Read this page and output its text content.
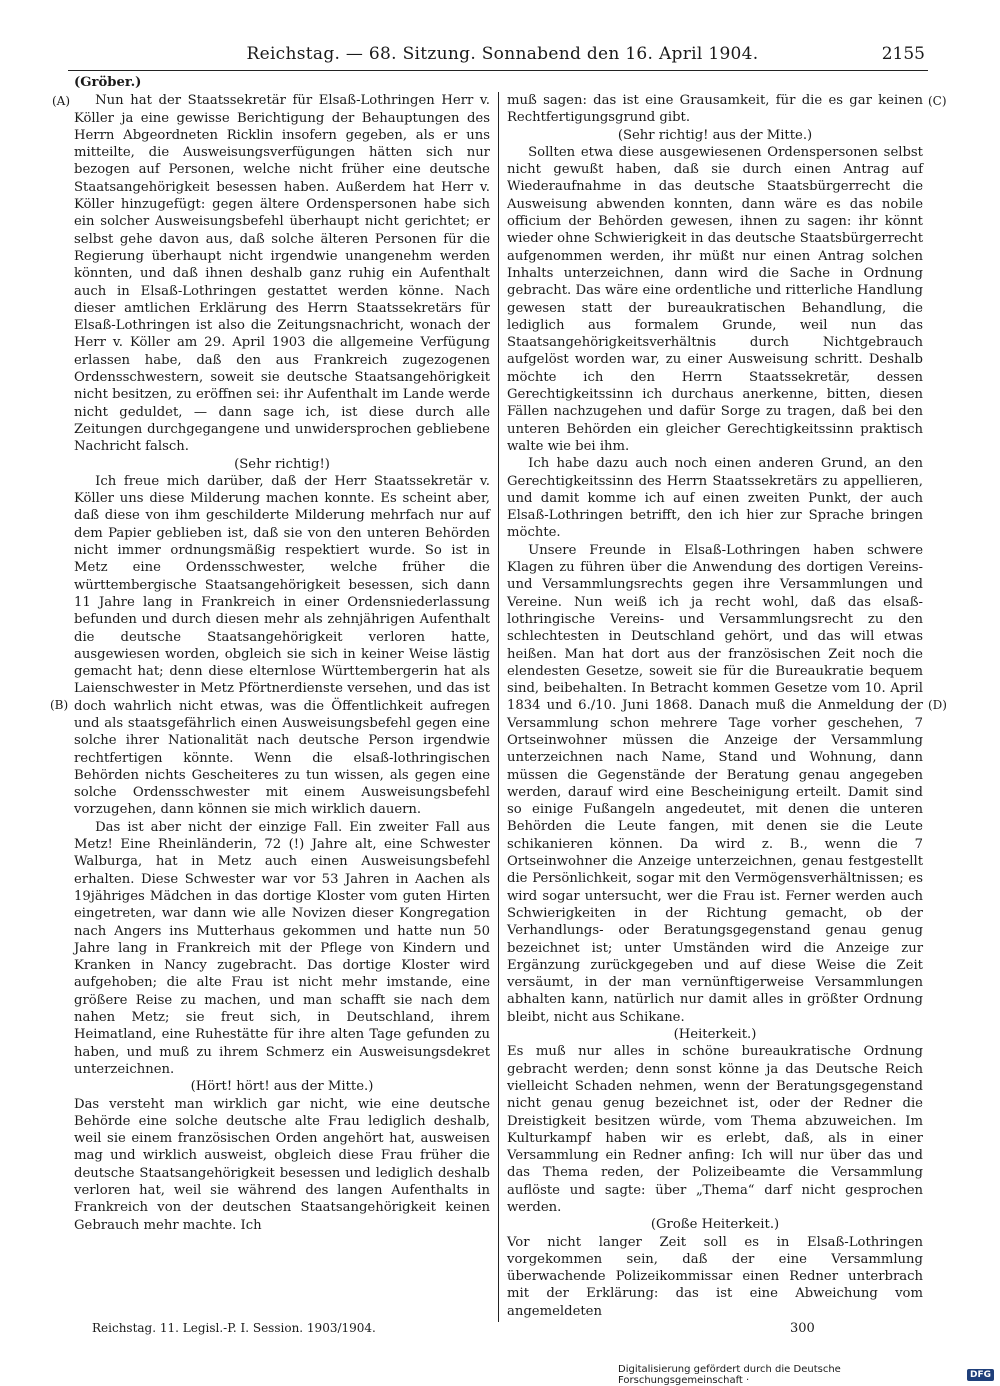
Reichstag. — 68. Sitzung. Sonnabend den 16. April 1904.	2155
(A)
(B)
(C)
(D)

(Gröber.)

Nun hat der Staatssekretär für Elsaß-Lothringen Herr v. Köller ja eine gewisse Berichtigung der Behauptungen des Herrn Abgeordneten Ricklin insofern gegeben, als er uns mitteilte, die Ausweisungsverfügungen hätten sich nur bezogen auf Personen, welche nicht früher eine deutsche Staatsangehörigkeit besessen haben. Außerdem hat Herr v. Köller hinzugefügt: gegen ältere Ordenspersonen habe sich ein solcher Ausweisungsbefehl überhaupt nicht gerichtet; er selbst gehe davon aus, daß solche älteren Personen für die Regierung überhaupt nicht irgendwie unangenehm werden könnten, und daß ihnen deshalb ganz ruhig ein Aufenthalt auch in Elsaß-Lothringen gestattet werden könne. Nach dieser amtlichen Erklärung des Herrn Staatssekretärs für Elsaß-Lothringen ist also die Zeitungsnachricht, wonach der Herr v. Köller am 29. April 1903 die allgemeine Verfügung erlassen habe, daß den aus Frankreich zugezogenen Ordensschwestern, soweit sie deutsche Staatsangehörigkeit nicht besitzen, zu eröffnen sei: ihr Aufenthalt im Lande werde nicht geduldet, — dann sage ich, ist diese durch alle Zeitungen durchgegangene und unwidersprochen gebliebene Nachricht falsch.

(Sehr richtig!)

Ich freue mich darüber, daß der Herr Staatssekretär v. Köller uns diese Milderung machen konnte. Es scheint aber, daß diese von ihm geschilderte Milderung mehrfach nur auf dem Papier geblieben ist, daß sie von den unteren Behörden nicht immer ordnungsmäßig respektiert wurde. So ist in Metz eine Ordensschwester, welche früher die württembergische Staatsangehörigkeit besessen, sich dann 11 Jahre lang in Frankreich in einer Ordensniederlassung befunden und durch diesen mehr als zehnjährigen Aufenthalt die deutsche Staatsangehörigkeit verloren hatte, ausgewiesen worden, obgleich sie sich in keiner Weise lästig gemacht hat; denn diese elternlose Württembergerin hat als Laienschwester in Metz Pförtnerdienste versehen, und das ist doch wahrlich nicht etwas, was die Öffentlichkeit aufregen und als staatsgefährlich einen Ausweisungsbefehl gegen eine solche ihrer Nationalität nach deutsche Person irgendwie rechtfertigen könnte. Wenn die elsaß-lothringischen Behörden nichts Gescheiteres zu tun wissen, als gegen eine solche Ordensschwester mit einem Ausweisungsbefehl vorzugehen, dann können sie mich wirklich dauern.

Das ist aber nicht der einzige Fall. Ein zweiter Fall aus Metz! Eine Rheinländerin, 72 (!) Jahre alt, eine Schwester Walburga, hat in Metz auch einen Ausweisungsbefehl erhalten. Diese Schwester war vor 53 Jahren in Aachen als 19jähriges Mädchen in das dortige Kloster vom guten Hirten eingetreten, war dann wie alle Novizen dieser Kongregation nach Angers ins Mutterhaus gekommen und hatte nun 50 Jahre lang in Frankreich mit der Pflege von Kindern und Kranken in Nancy zugebracht. Das dortige Kloster wird aufgehoben; die alte Frau ist nicht mehr imstande, eine größere Reise zu machen, und man schafft sie nach dem nahen Metz; sie freut sich, in Deutschland, ihrem Heimatland, eine Ruhestätte für ihre alten Tage gefunden zu haben, und muß zu ihrem Schmerz ein Ausweisungsdekret unterzeichnen.

(Hört! hört! aus der Mitte.)

Das versteht man wirklich gar nicht, wie eine deutsche Behörde eine solche deutsche alte Frau lediglich deshalb, weil sie einem französischen Orden angehört hat, ausweisen mag und wirklich ausweist, obgleich diese Frau früher die deutsche Staatsangehörigkeit besessen und lediglich deshalb verloren hat, weil sie während des langen Aufenthalts in Frankreich von der deutschen Staatsangehörigkeit keinen Gebrauch mehr machte. Ich

muß sagen: das ist eine Grausamkeit, für die es gar keinen Rechtfertigungsgrund gibt.

(Sehr richtig! aus der Mitte.)

Sollten etwa diese ausgewiesenen Ordenspersonen selbst nicht gewußt haben, daß sie durch einen Antrag auf Wiederaufnahme in das deutsche Staatsbürgerrecht die Ausweisung abwenden konnten, dann wäre es das nobile officium der Behörden gewesen, ihnen zu sagen: ihr könnt wieder ohne Schwierigkeit in das deutsche Staatsbürgerrecht aufgenommen werden, ihr müßt nur einen Antrag solchen Inhalts unterzeichnen, dann wird die Sache in Ordnung gebracht. Das wäre eine ordentliche und ritterliche Handlung gewesen statt der bureaukratischen Behandlung, die lediglich aus formalem Grunde, weil nun das Staatsangehörigkeitsverhältnis durch Nichtgebrauch aufgelöst worden war, zu einer Ausweisung schritt. Deshalb möchte ich den Herrn Staatssekretär, dessen Gerechtigkeitssinn ich durchaus anerkenne, bitten, diesen Fällen nachzugehen und dafür Sorge zu tragen, daß bei den unteren Behörden ein gleicher Gerechtigkeitssinn praktisch walte wie bei ihm.

Ich habe dazu auch noch einen anderen Grund, an den Gerechtigkeitssinn des Herrn Staatssekretärs zu appellieren, und damit komme ich auf einen zweiten Punkt, der auch Elsaß-Lothringen betrifft, den ich hier zur Sprache bringen möchte.

Unsere Freunde in Elsaß-Lothringen haben schwere Klagen zu führen über die Anwendung des dortigen Vereins- und Versammlungsrechts gegen ihre Versammlungen und Vereine. Nun weiß ich ja recht wohl, daß das elsaß-lothringische Vereins- und Versammlungsrecht zu den schlechtesten in Deutschland gehört, und das will etwas heißen. Man hat dort aus der französischen Zeit noch die elendesten Gesetze, soweit sie für die Bureaukratie bequem sind, beibehalten. In Betracht kommen Gesetze vom 10. April 1834 und 6./10. Juni 1868. Danach muß die Anmeldung der Versammlung schon mehrere Tage vorher geschehen, 7 Ortseinwohner müssen die Anzeige der Versammlung unterzeichnen nach Name, Stand und Wohnung, dann müssen die Gegenstände der Beratung genau angegeben werden, darauf wird eine Bescheinigung erteilt. Damit sind so einige Fußangeln angedeutet, mit denen die unteren Behörden die Leute fangen, mit denen sie die Leute schikanieren können. Da wird z. B., wenn die 7 Ortseinwohner die Anzeige unterzeichnen, genau festgestellt die Persönlichkeit, sogar mit den Vermögensverhältnissen; es wird sogar untersucht, wer die Frau ist. Ferner werden auch Schwierigkeiten in der Richtung gemacht, ob der Verhandlungs- oder Beratungsgegenstand genau genug bezeichnet ist; unter Umständen wird die Anzeige zur Ergänzung zurückgegeben und auf diese Weise die Zeit versäumt, in der man vernünftigerweise Versammlungen abhalten kann, natürlich nur damit alles in größter Ordnung bleibt, nicht aus Schikane.

(Heiterkeit.)

Es muß nur alles in schöne bureaukratische Ordnung gebracht werden; denn sonst könne ja das Deutsche Reich vielleicht Schaden nehmen, wenn der Beratungsgegenstand nicht genau genug bezeichnet ist, oder der Redner die Dreistigkeit besitzen würde, vom Thema abzuweichen. Im Kulturkampf haben wir es erlebt, daß, als in einer Versammlung ein Redner anfing: Ich will nur über das und das Thema reden, der Polizeibeamte die Versammlung auflöste und sagte: über „Thema“ darf nicht gesprochen werden.

(Große Heiterkeit.)

Vor nicht langer Zeit soll es in Elsaß-Lothringen vorgekommen sein, daß der eine Versammlung überwachende Polizeikommissar einen Redner unterbrach mit der Erklärung: das ist eine Abweichung vom angemeldeten

Reichstag. 11. Legisl.-P. I. Session. 1903/1904.	300
Digitalisierung gefördert durch die Deutsche Forschungsgemeinschaft ·	DFG
